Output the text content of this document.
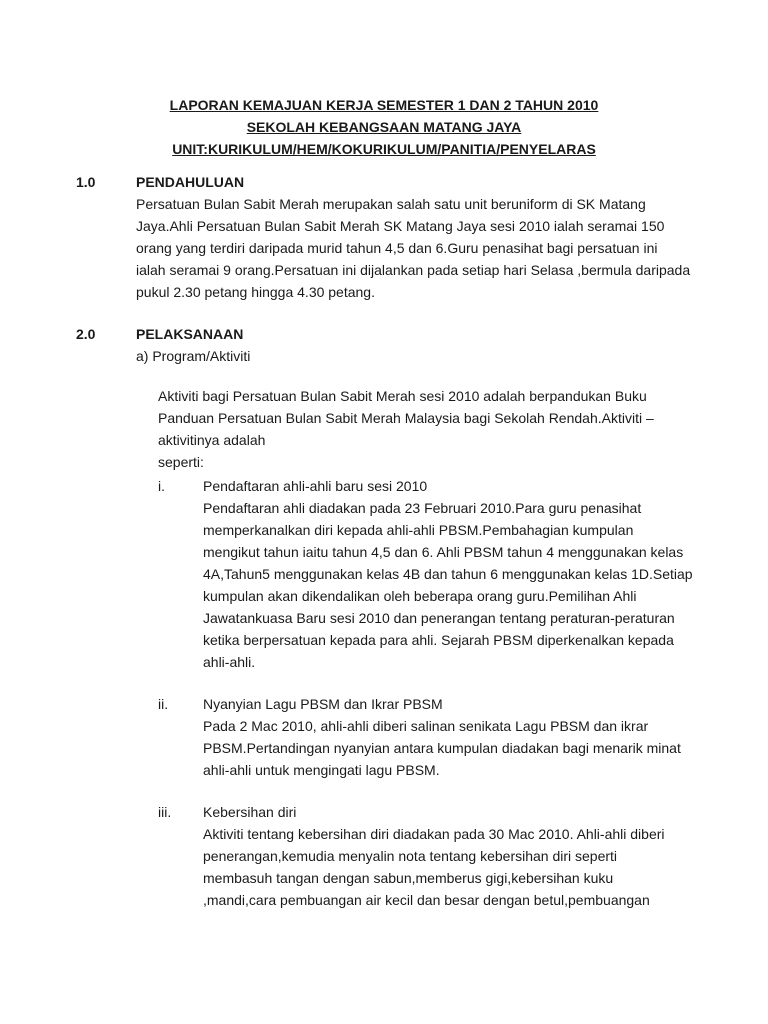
LAPORAN KEMAJUAN KERJA SEMESTER 1 DAN 2 TAHUN 2010
SEKOLAH KEBANGSAAN MATANG JAYA
UNIT:KURIKULUM/HEM/KOKURIKULUM/PANITIA/PENYELARAS
1.0	PENDAHULUAN
Persatuan Bulan Sabit Merah merupakan salah satu unit beruniform di SK Matang
Jaya.Ahli Persatuan Bulan Sabit Merah SK Matang Jaya sesi 2010 ialah seramai 150
orang yang terdiri daripada murid tahun 4,5 dan 6.Guru penasihat bagi persatuan ini
ialah seramai 9 orang.Persatuan ini dijalankan pada setiap hari Selasa ,bermula daripada
pukul 2.30 petang hingga 4.30 petang.
2.0	PELAKSANAAN
a) Program/Aktiviti
Aktiviti bagi Persatuan Bulan Sabit Merah sesi 2010 adalah berpandukan Buku
Panduan Persatuan Bulan Sabit Merah Malaysia bagi Sekolah Rendah.Aktiviti –
aktivitinya adalah
seperti:
i.	Pendaftaran ahli-ahli baru sesi 2010
Pendaftaran ahli diadakan pada 23 Februari 2010.Para guru penasihat
memperkanalkan diri kepada ahli-ahli PBSM.Pembahagian kumpulan
mengikut tahun iaitu tahun 4,5 dan 6. Ahli PBSM tahun 4 menggunakan kelas
4A,Tahun5 menggunakan kelas 4B dan tahun 6 menggunakan kelas 1D.Setiap
kumpulan akan dikendalikan oleh beberapa orang guru.Pemilihan Ahli
Jawatankuasa Baru sesi 2010 dan penerangan tentang peraturan-peraturan
ketika berpersatuan kepada para ahli. Sejarah PBSM diperkenalkan kepada
ahli-ahli.
ii. Nyanyian Lagu PBSM dan Ikrar PBSM
Pada 2 Mac 2010, ahli-ahli diberi salinan senikata Lagu PBSM dan ikrar
PBSM.Pertandingan nyanyian antara kumpulan diadakan bagi menarik minat
ahli-ahli untuk mengingati lagu PBSM.
iii. Kebersihan diri
Aktiviti tentang kebersihan diri diadakan pada 30 Mac 2010. Ahli-ahli diberi
penerangan,kemudia menyalin nota tentang kebersihan diri seperti
membasuh tangan dengan sabun,memberus gigi,kebersihan kuku
,mandi,cara pembuangan air kecil dan besar dengan betul,pembuangan
